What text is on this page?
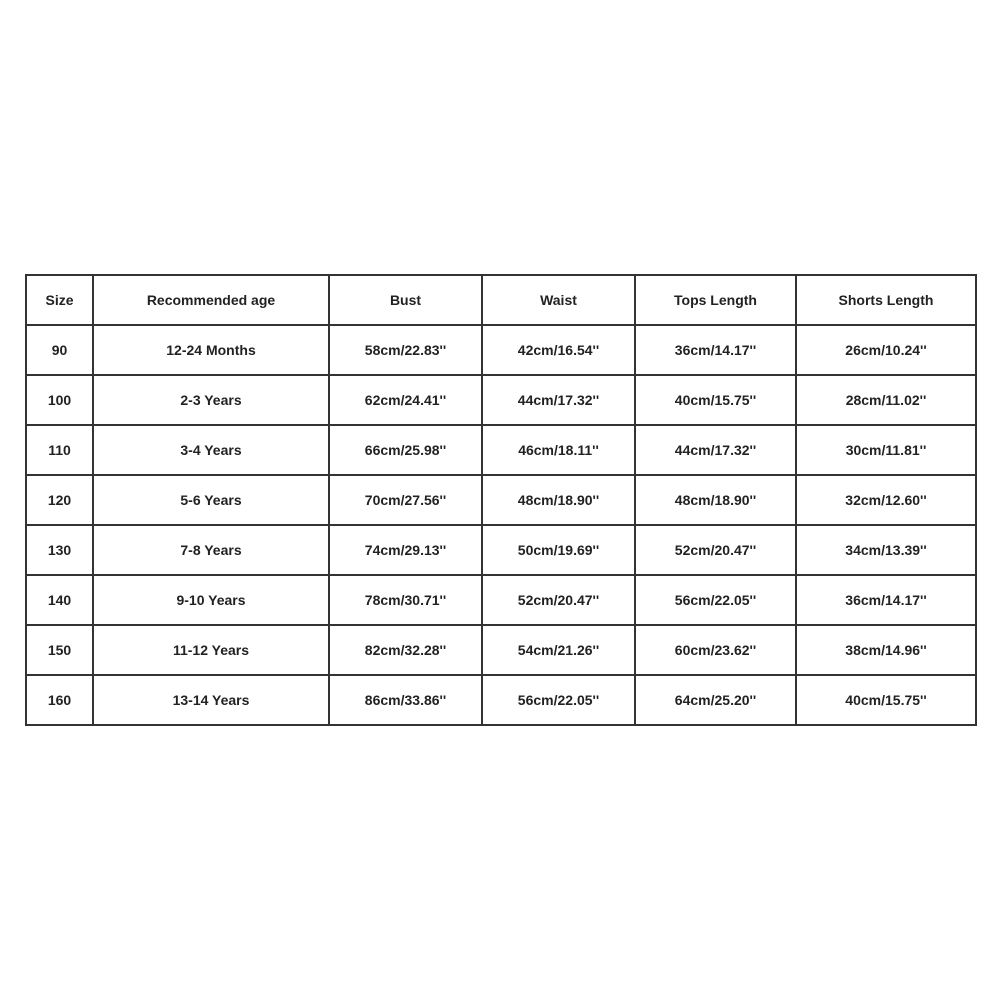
Size	Recommended age	Bust	Waist	Tops Length	Shorts Length
90	12-24 Months	58cm/22.83''	42cm/16.54''	36cm/14.17''	26cm/10.24''
100	2-3 Years	62cm/24.41''	44cm/17.32''	40cm/15.75''	28cm/11.02''
110	3-4 Years	66cm/25.98''	46cm/18.11''	44cm/17.32''	30cm/11.81''
120	5-6 Years	70cm/27.56''	48cm/18.90''	48cm/18.90''	32cm/12.60''
130	7-8 Years	74cm/29.13''	50cm/19.69''	52cm/20.47''	34cm/13.39''
140	9-10 Years	78cm/30.71''	52cm/20.47''	56cm/22.05''	36cm/14.17''
150	11-12 Years	82cm/32.28''	54cm/21.26''	60cm/23.62''	38cm/14.96''
160	13-14 Years	86cm/33.86''	56cm/22.05''	64cm/25.20''	40cm/15.75''
